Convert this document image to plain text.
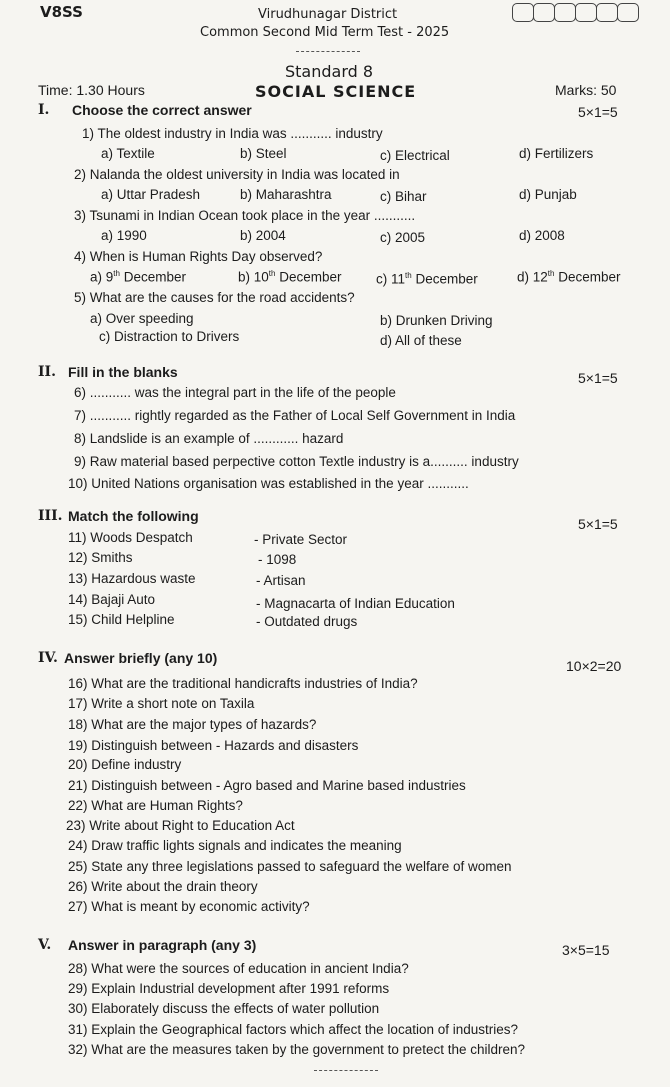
V8SS	Virudhunagar District
Common Second Mid Term Test - 2025
Standard 8
Time: 1.30 Hours	SOCIAL SCIENCE	Marks: 50
I. Choose the correct answer	5×1=5
1) The oldest industry in India was ........... industry
a) Textile	b) Steel	c) Electrical	d) Fertilizers
2) Nalanda the oldest university in India was located in
a) Uttar Pradesh	b) Maharashtra	c) Bihar	d) Punjab
3) Tsunami in Indian Ocean took place in the year ...........
a) 1990	b) 2004	c) 2005	d) 2008
4) When is Human Rights Day observed?
a) 9th December	b) 10th December	c) 11th December	d) 12th December
5) What are the causes for the road accidents?
a) Over speeding	b) Drunken Driving
c) Distraction to Drivers	d) All of these
II. Fill in the blanks	5×1=5
6) ........... was the integral part in the life of the people
7) ........... rightly regarded as the Father of Local Self Government in India
8) Landslide is an example of ............ hazard
9) Raw material based perpective cotton Textle industry is a.......... industry
10) United Nations organisation was established in the year ...........
III. Match the following	5×1=5
11) Woods Despatch	- Private Sector
12) Smiths	- 1098
13) Hazardous waste	- Artisan
14) Bajaji Auto	- Magnacarta of Indian Education
15) Child Helpline	- Outdated drugs
IV. Answer briefly (any 10)	10×2=20
16) What are the traditional handicrafts industries of India?
17) Write a short note on Taxila
18) What are the major types of hazards?
19) Distinguish between - Hazards and disasters
20) Define industry
21) Distinguish between - Agro based and Marine based industries
22) What are Human Rights?
23) Write about Right to Education Act
24) Draw traffic lights signals and indicates the meaning
25) State any three legislations passed to safeguard the welfare of women
26) Write about the drain theory
27) What is meant by economic activity?
V. Answer in paragraph (any 3)	3×5=15
28) What were the sources of education in ancient India?
29) Explain Industrial development after 1991 reforms
30) Elaborately discuss the effects of water pollution
31) Explain the Geographical factors which affect the location of industries?
32) What are the measures taken by the government to pretect the children?
